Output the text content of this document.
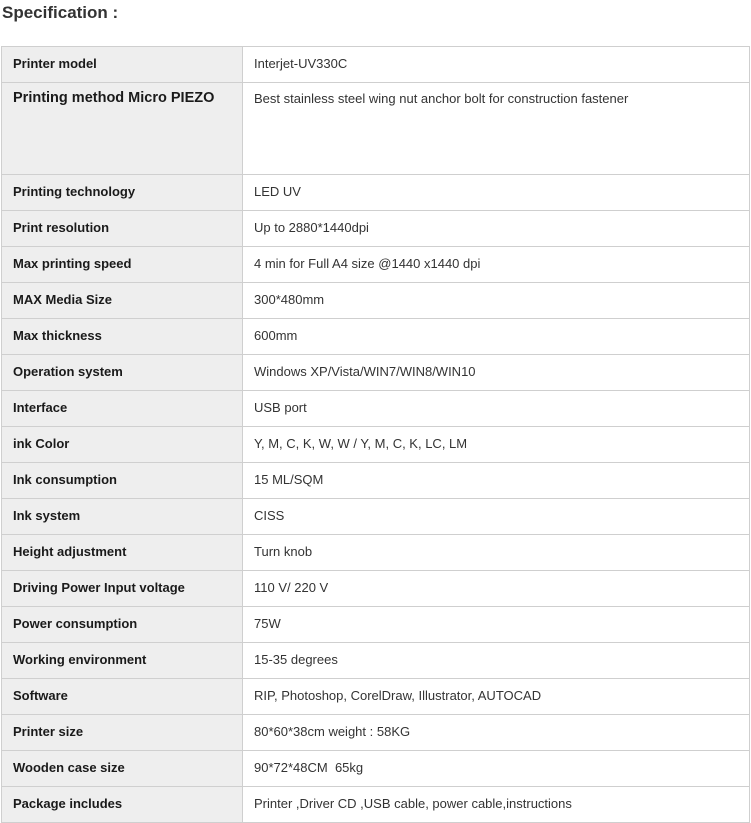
Specification :
Printer model	Interjet-UV330C
Printing method Micro PIEZO	Best stainless steel wing nut anchor bolt for construction fastener
Printing technology	LED UV
Print resolution	Up to 2880*1440dpi
Max printing speed	4 min for Full A4 size @1440 x1440 dpi
MAX Media Size	300*480mm
Max thickness	600mm
Operation system	Windows XP/Vista/WIN7/WIN8/WIN10
Interface	USB port
ink Color	Y, M, C, K, W, W / Y, M, C, K, LC, LM
Ink consumption	15 ML/SQM
Ink system	CISS
Height adjustment	Turn knob
Driving Power Input voltage	110 V/ 220 V
Power consumption	75W
Working environment	15-35 degrees
Software	RIP, Photoshop, CorelDraw, Illustrator, AUTOCAD
Printer size	80*60*38cm weight : 58KG
Wooden case size	90*72*48CM  65kg
Package includes	Printer ,Driver CD ,USB cable, power cable,instructions
